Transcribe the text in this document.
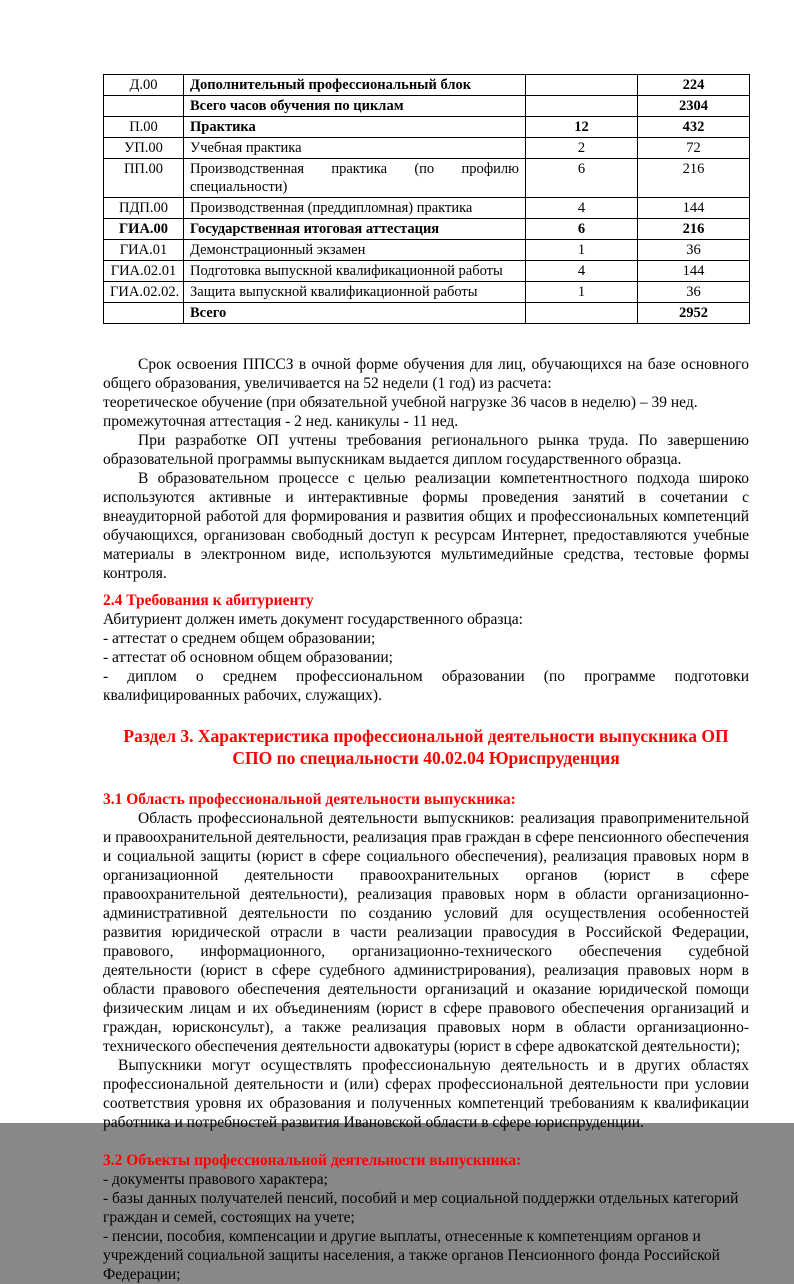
Д.00	Дополнительный профессиональный блок		224
	Всего часов обучения по циклам		2304
П.00	Практика	12	432
УП.00	Учебная практика	2	72
ПП.00	Производственная практика (по профилю специальности)	6	216
ПДП.00	Производственная (преддипломная) практика	4	144
ГИА.00	Государственная итоговая аттестация	6	216
ГИА.01	Демонстрационный экзамен	1	36
ГИА.02.01	Подготовка выпускной квалификационной работы	4	144
ГИА.02.02.	Защита выпускной квалификационной работы	1	36
	Всего		2952

Срок освоения ППССЗ в очной форме обучения для лиц, обучающихся на базе основного общего образования, увеличивается на 52 недели (1 год) из расчета:

теоретическое обучение (при обязательной учебной нагрузке 36 часов в неделю) – 39 нед.

промежуточная аттестация - 2 нед. каникулы - 11 нед.

При разработке ОП учтены требования регионального рынка труда. По завершению образовательной программы выпускникам выдается диплом государственного образца.

В образовательном процессе с целью реализации компетентностного подхода широко используются активные и интерактивные формы проведения занятий в сочетании с внеаудиторной работой для формирования и развития общих и профессиональных компетенций обучающихся, организован свободный доступ к ресурсам Интернет, предоставляются учебные материалы в электронном виде, используются мультимедийные средства, тестовые формы контроля.

2.4 Требования к абитуриенту

Абитуриент должен иметь документ государственного образца:

- аттестат о среднем общем образовании;

- аттестат об основном общем образовании;

- диплом о среднем профессиональном образовании (по программе подготовки квалифицированных рабочих, служащих).

Раздел 3. Характеристика профессиональной деятельности выпускника ОП СПО по специальности 40.02.04 Юриспруденция
3.1 Область профессиональной деятельности выпускника:

Область профессиональной деятельности выпускников: реализация правоприменительной и правоохранительной деятельности, реализация прав граждан в сфере пенсионного обеспечения и социальной защиты (юрист в сфере социального обеспечения), реализация правовых норм в организационной деятельности правоохранительных органов (юрист в сфере правоохранительной деятельности), реализация правовых норм в области организационно-административной деятельности по созданию условий для осуществления особенностей развития юридической отрасли в части реализации правосудия в Российской Федерации, правового, информационного, организационно-технического обеспечения судебной деятельности (юрист в сфере судебного администрирования), реализация правовых норм в области правового обеспечения деятельности организаций и оказание юридической помощи физическим лицам и их объединениям (юрист в сфере правового обеспечения организаций и граждан, юрисконсульт), а также реализация правовых норм в области организационно-технического обеспечения деятельности адвокатуры (юрист в сфере адвокатской деятельности);

Выпускники могут осуществлять профессиональную деятельность и в других областях профессиональной деятельности и (или) сферах профессиональной деятельности при условии соответствия уровня их образования и полученных компетенций требованиям к квалификации работника и потребностей развития Ивановской области в сфере юриспруденции.

3.2 Объекты профессиональной деятельности выпускника:

- документы правового характера;

- базы данных получателей пенсий, пособий и мер социальной поддержки отдельных категорий граждан и семей, состоящих на учете;

- пенсии, пособия, компенсации и другие выплаты, отнесенные к компетенциям органов и учреждений социальной защиты населения, а также органов Пенсионного фонда Российской Федерации;
